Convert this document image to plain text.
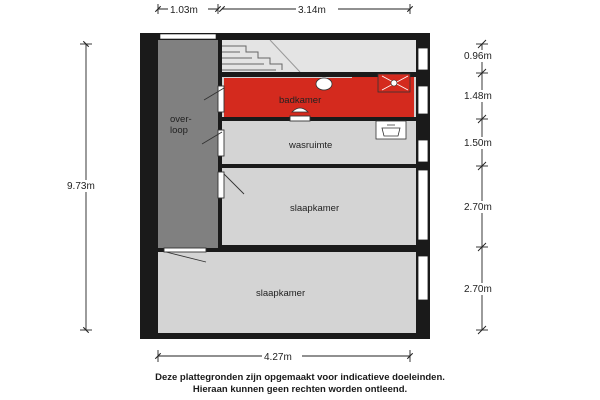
over-
loop
badkamer
wasruimte
slaapkamer
slaapkamer
1.03m	3.14m
4.27m
9.73m
0.96m
1.48m
1.50m
2.70m
2.70m
Deze plattegronden zijn opgemaakt voor indicatieve doeleinden.
Hieraan kunnen geen rechten worden ontleend.
